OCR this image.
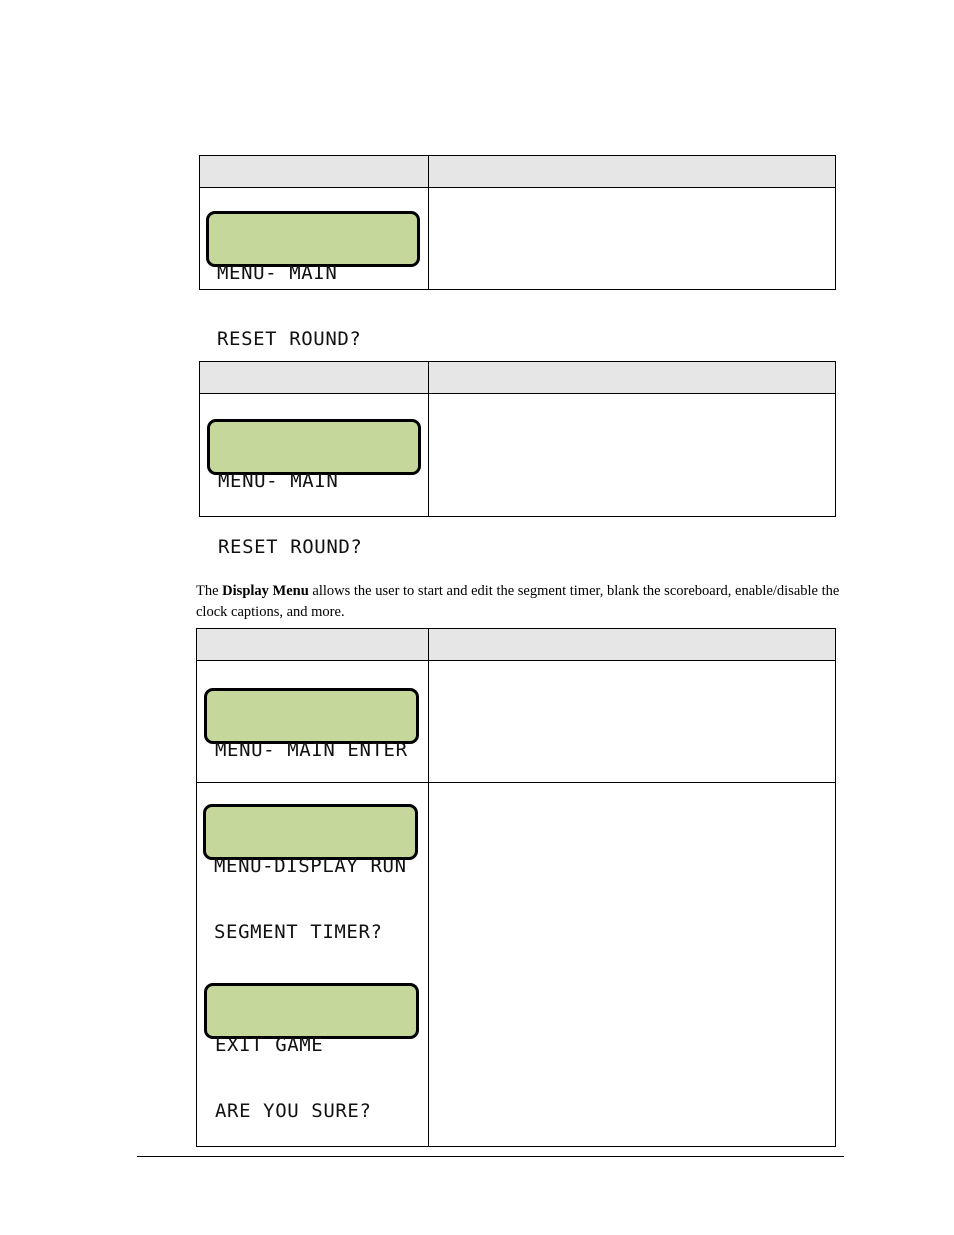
MENU- MAIN

RESET ROUND?

MENU- MAIN

RESET ROUND?

The Display Menu allows the user to start and edit the segment timer, blank the scoreboard, enable/disable the clock captions, and more.

MENU- MAIN ENTER

MENU-DISPLAY RUN

SEGMENT TIMER?

EXIT GAME

ARE YOU SURE?
